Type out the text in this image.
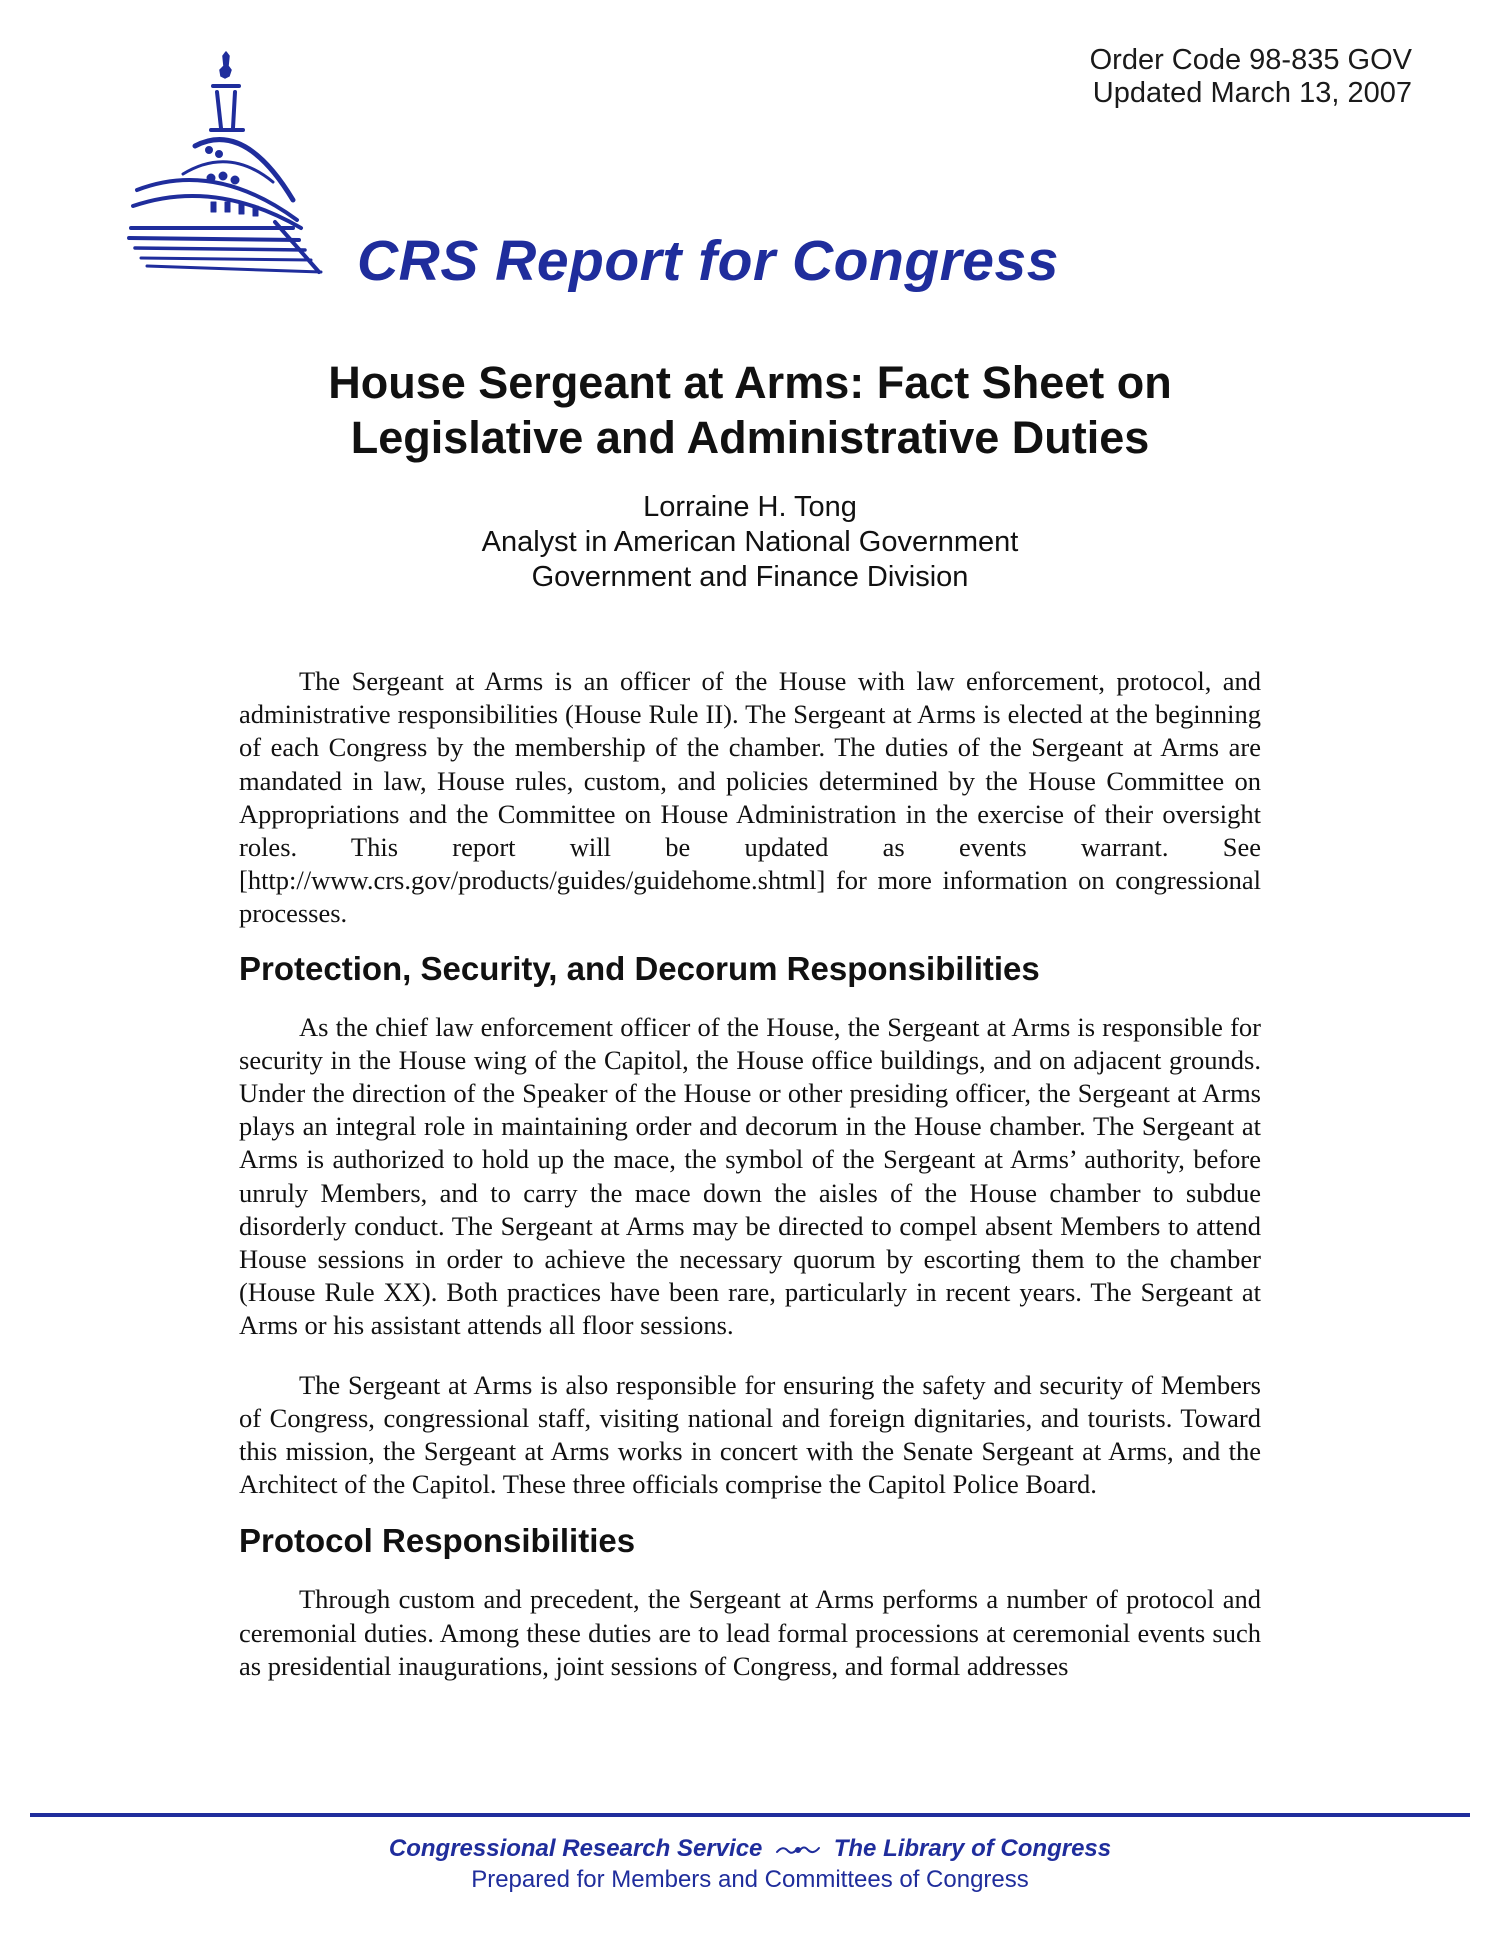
Order Code 98-835 GOV
Updated March 13, 2007
CRS Report for Congress
House Sergeant at Arms: Fact Sheet on
Legislative and Administrative Duties
Lorraine H. Tong
Analyst in American National Government
Government and Finance Division

The Sergeant at Arms is an officer of the House with law enforcement, protocol, and administrative responsibilities (House Rule II). The Sergeant at Arms is elected at the beginning of each Congress by the membership of the chamber. The duties of the Sergeant at Arms are mandated in law, House rules, custom, and policies determined by the House Committee on Appropriations and the Committee on House Administration in the exercise of their oversight roles. This report will be updated as events warrant. See [http://www.crs.gov/products/guides/guidehome.shtml] for more information on congressional processes.

Protection, Security, and Decorum Responsibilities

As the chief law enforcement officer of the House, the Sergeant at Arms is responsible for security in the House wing of the Capitol, the House office buildings, and on adjacent grounds. Under the direction of the Speaker of the House or other presiding officer, the Sergeant at Arms plays an integral role in maintaining order and decorum in the House chamber. The Sergeant at Arms is authorized to hold up the mace, the symbol of the Sergeant at Arms’ authority, before unruly Members, and to carry the mace down the aisles of the House chamber to subdue disorderly conduct. The Sergeant at Arms may be directed to compel absent Members to attend House sessions in order to achieve the necessary quorum by escorting them to the chamber (House Rule XX). Both practices have been rare, particularly in recent years. The Sergeant at Arms or his assistant attends all floor sessions.

The Sergeant at Arms is also responsible for ensuring the safety and security of Members of Congress, congressional staff, visiting national and foreign dignitaries, and tourists. Toward this mission, the Sergeant at Arms works in concert with the Senate Sergeant at Arms, and the Architect of the Capitol. These three officials comprise the Capitol Police Board.

Protocol Responsibilities

Through custom and precedent, the Sergeant at Arms performs a number of protocol and ceremonial duties. Among these duties are to lead formal processions at ceremonial events such as presidential inaugurations, joint sessions of Congress, and formal addresses

Congressional Research Service	The Library of Congress
Prepared for Members and Committees of Congress
